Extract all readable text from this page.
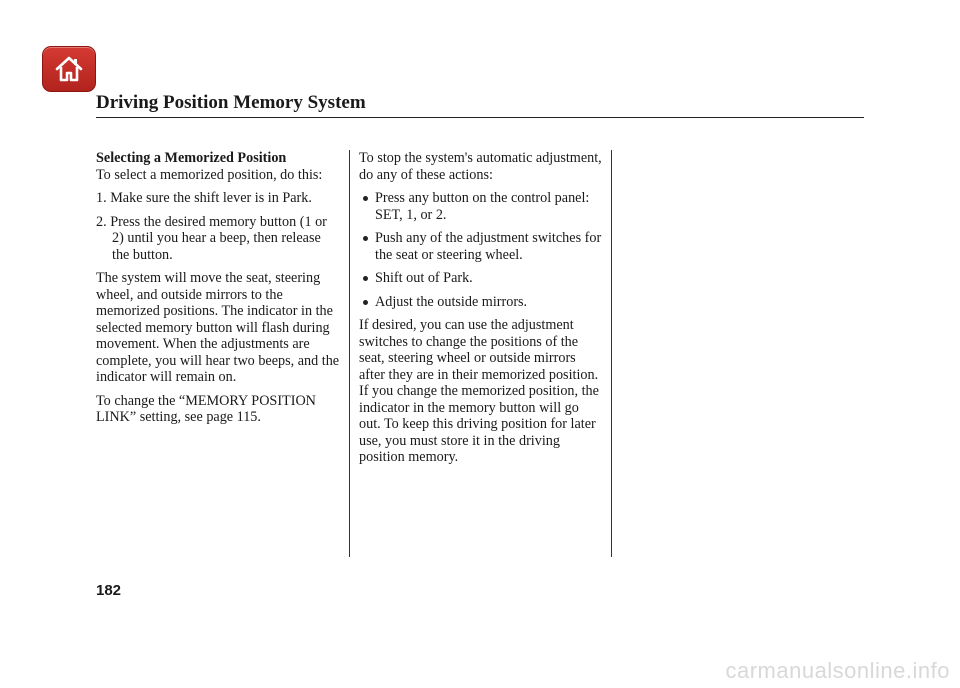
Driving Position Memory System

Selecting a Memorized Position

To select a memorized position, do this:

1. Make sure the shift lever is in Park.
2. Press the desired memory button (1 or 2) until you hear a beep, then release the button.

The system will move the seat, steering wheel, and outside mirrors to the memorized positions. The indicator in the selected memory button will flash during movement. When the adjustments are complete, you will hear two beeps, and the indicator will remain on.

To change the “MEMORY POSITION LINK” setting, see page 115.

To stop the system's automatic adjustment, do any of these actions:

Press any button on the control panel: SET, 1, or 2.
Push any of the adjustment switches for the seat or steering wheel.
Shift out of Park.
Adjust the outside mirrors.

If desired, you can use the adjustment switches to change the positions of the seat, steering wheel or outside mirrors after they are in their memorized position. If you change the memorized position, the indicator in the memory button will go out. To keep this driving position for later use, you must store it in the driving position memory.

182

carmanualsonline.info
